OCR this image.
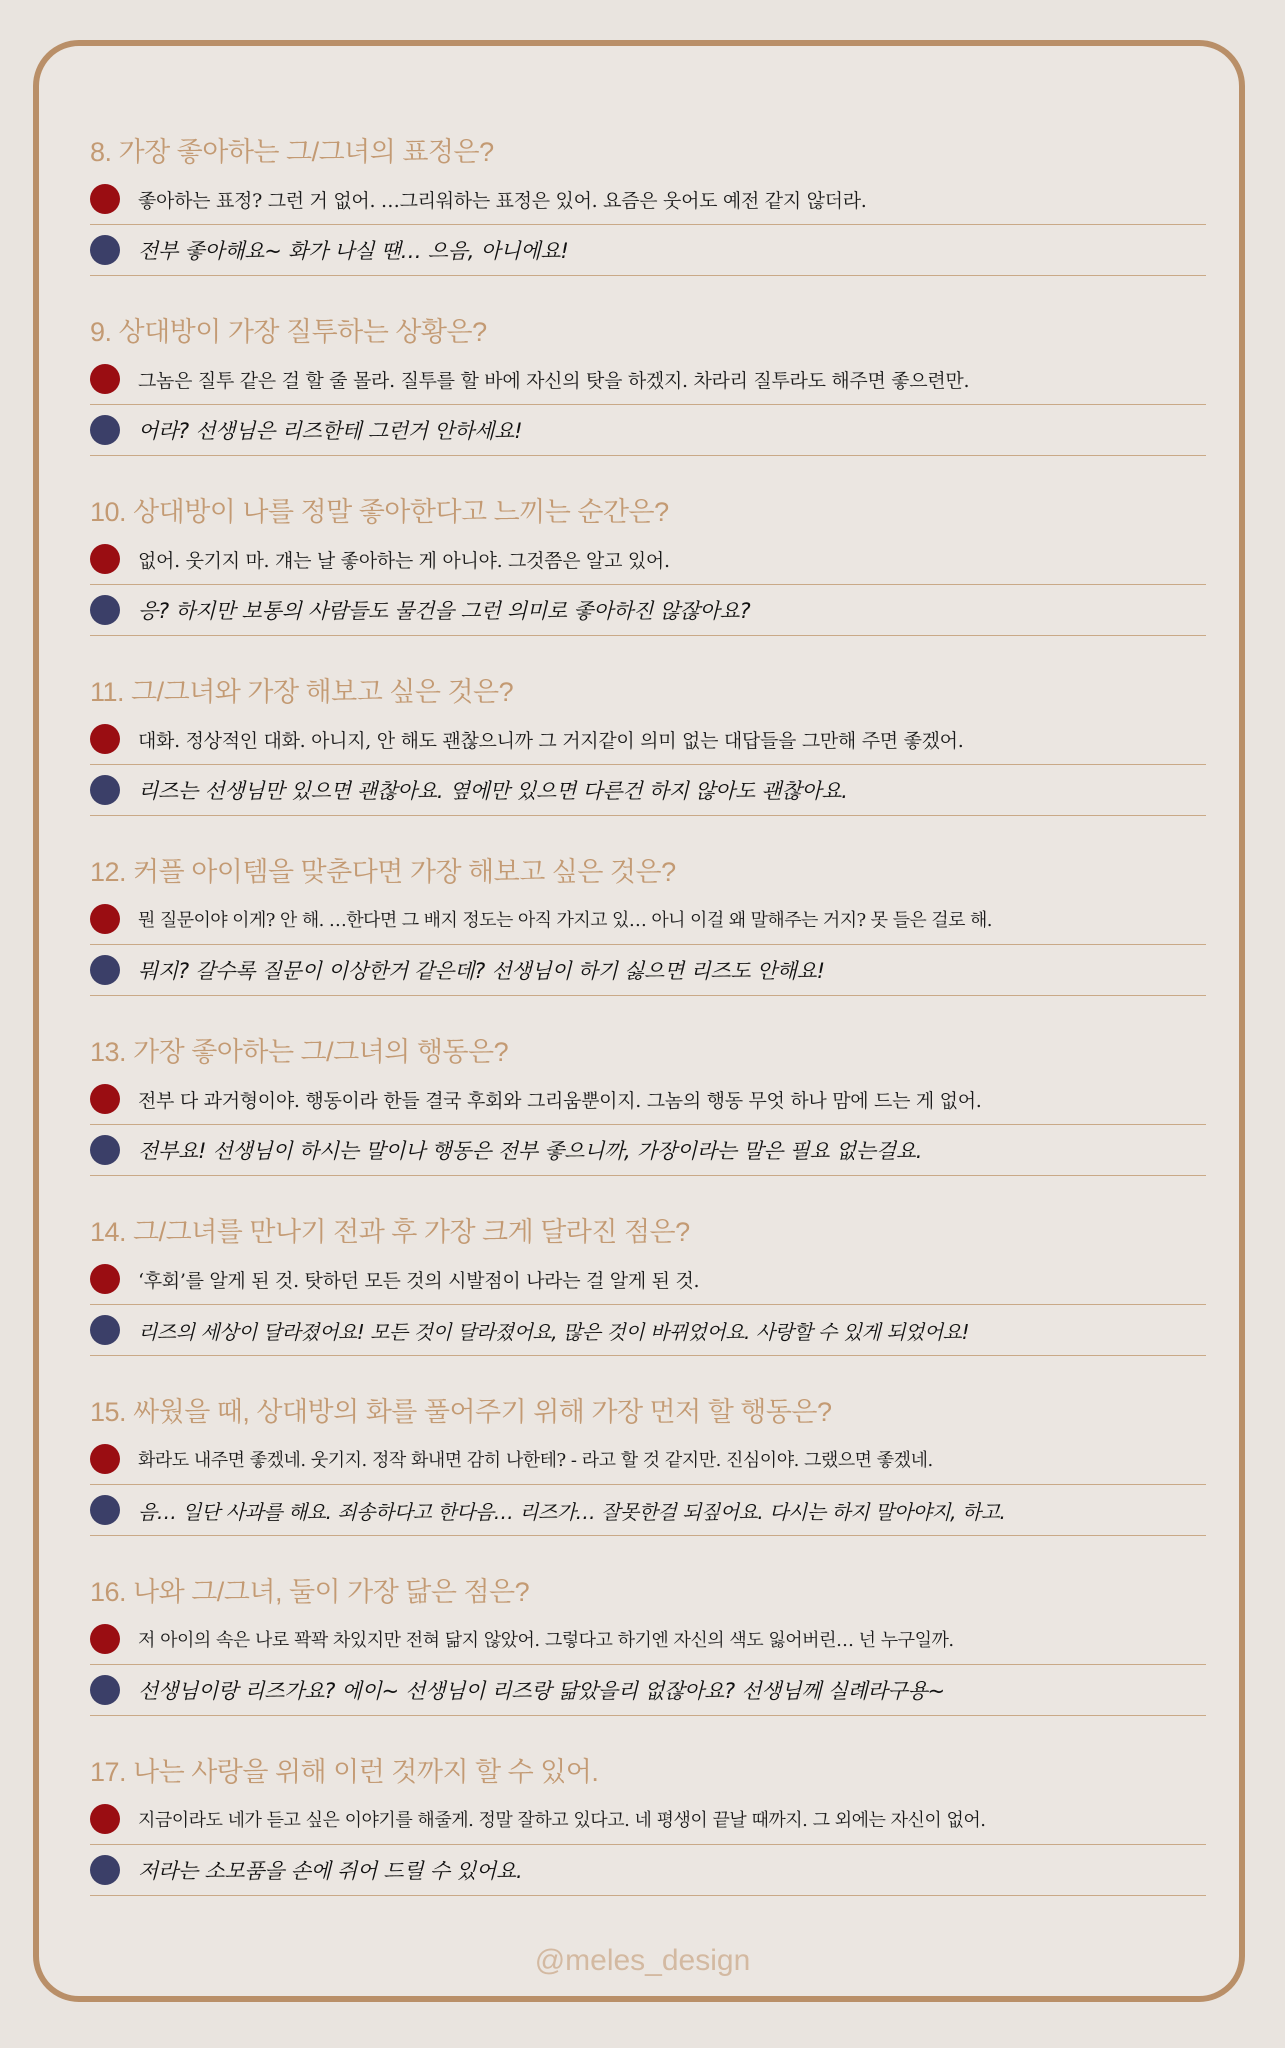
8. 가장 좋아하는 그/그녀의 표정은?
좋아하는 표정? 그런 거 없어. …그리워하는 표정은 있어. 요즘은 웃어도 예전 같지 않더라.
전부 좋아해요~ 화가 나실 땐… 으음, 아니에요!
9. 상대방이 가장 질투하는 상황은?
그놈은 질투 같은 걸 할 줄 몰라. 질투를 할 바에 자신의 탓을 하겠지. 차라리 질투라도 해주면 좋으련만.
어라? 선생님은 리즈한테 그런거 안하세요!
10. 상대방이 나를 정말 좋아한다고 느끼는 순간은?
없어. 웃기지 마. 걔는 날 좋아하는 게 아니야. 그것쯤은 알고 있어.
응? 하지만 보통의 사람들도 물건을 그런 의미로 좋아하진 않잖아요?
11. 그/그녀와 가장 해보고 싶은 것은?
대화. 정상적인 대화. 아니지, 안 해도 괜찮으니까 그 거지같이 의미 없는 대답들을 그만해 주면 좋겠어.
리즈는 선생님만 있으면 괜찮아요. 옆에만 있으면 다른건 하지 않아도 괜찮아요.
12. 커플 아이템을 맞춘다면 가장 해보고 싶은 것은?
뭔 질문이야 이게? 안 해. …한다면 그 배지 정도는 아직 가지고 있… 아니 이걸 왜 말해주는 거지? 못 들은 걸로 해.
뭐지? 갈수록 질문이 이상한거 같은데? 선생님이 하기 싫으면 리즈도 안해요!
13. 가장 좋아하는 그/그녀의 행동은?
전부 다 과거형이야. 행동이라 한들 결국 후회와 그리움뿐이지. 그놈의 행동 무엇 하나 맘에 드는 게 없어.
전부요! 선생님이 하시는 말이나 행동은 전부 좋으니까, 가장이라는 말은 필요 없는걸요.
14. 그/그녀를 만나기 전과 후 가장 크게 달라진 점은?
‘후회’를 알게 된 것. 탓하던 모든 것의 시발점이 나라는 걸 알게 된 것.
리즈의 세상이 달라졌어요! 모든 것이 달라졌어요, 많은 것이 바뀌었어요. 사랑할 수 있게 되었어요!
15. 싸웠을 때, 상대방의 화를 풀어주기 위해 가장 먼저 할 행동은?
화라도 내주면 좋겠네. 웃기지. 정작 화내면 감히 나한테? - 라고 할 것 같지만. 진심이야. 그랬으면 좋겠네.
음… 일단 사과를 해요. 죄송하다고 한다음… 리즈가… 잘못한걸 되짚어요. 다시는 하지 말아야지, 하고.
16. 나와 그/그녀, 둘이 가장 닮은 점은?
저 아이의 속은 나로 꽉꽉 차있지만 전혀 닮지 않았어. 그렇다고 하기엔 자신의 색도 잃어버린… 넌 누구일까.
선생님이랑 리즈가요? 에이~ 선생님이 리즈랑 닮았을리 없잖아요? 선생님께 실례라구용~
17. 나는 사랑을 위해 이런 것까지 할 수 있어.
지금이라도 네가 듣고 싶은 이야기를 해줄게. 정말 잘하고 있다고. 네 평생이 끝날 때까지. 그 외에는 자신이 없어.
저라는 소모품을 손에 쥐어 드릴 수 있어요.
@meles_design
